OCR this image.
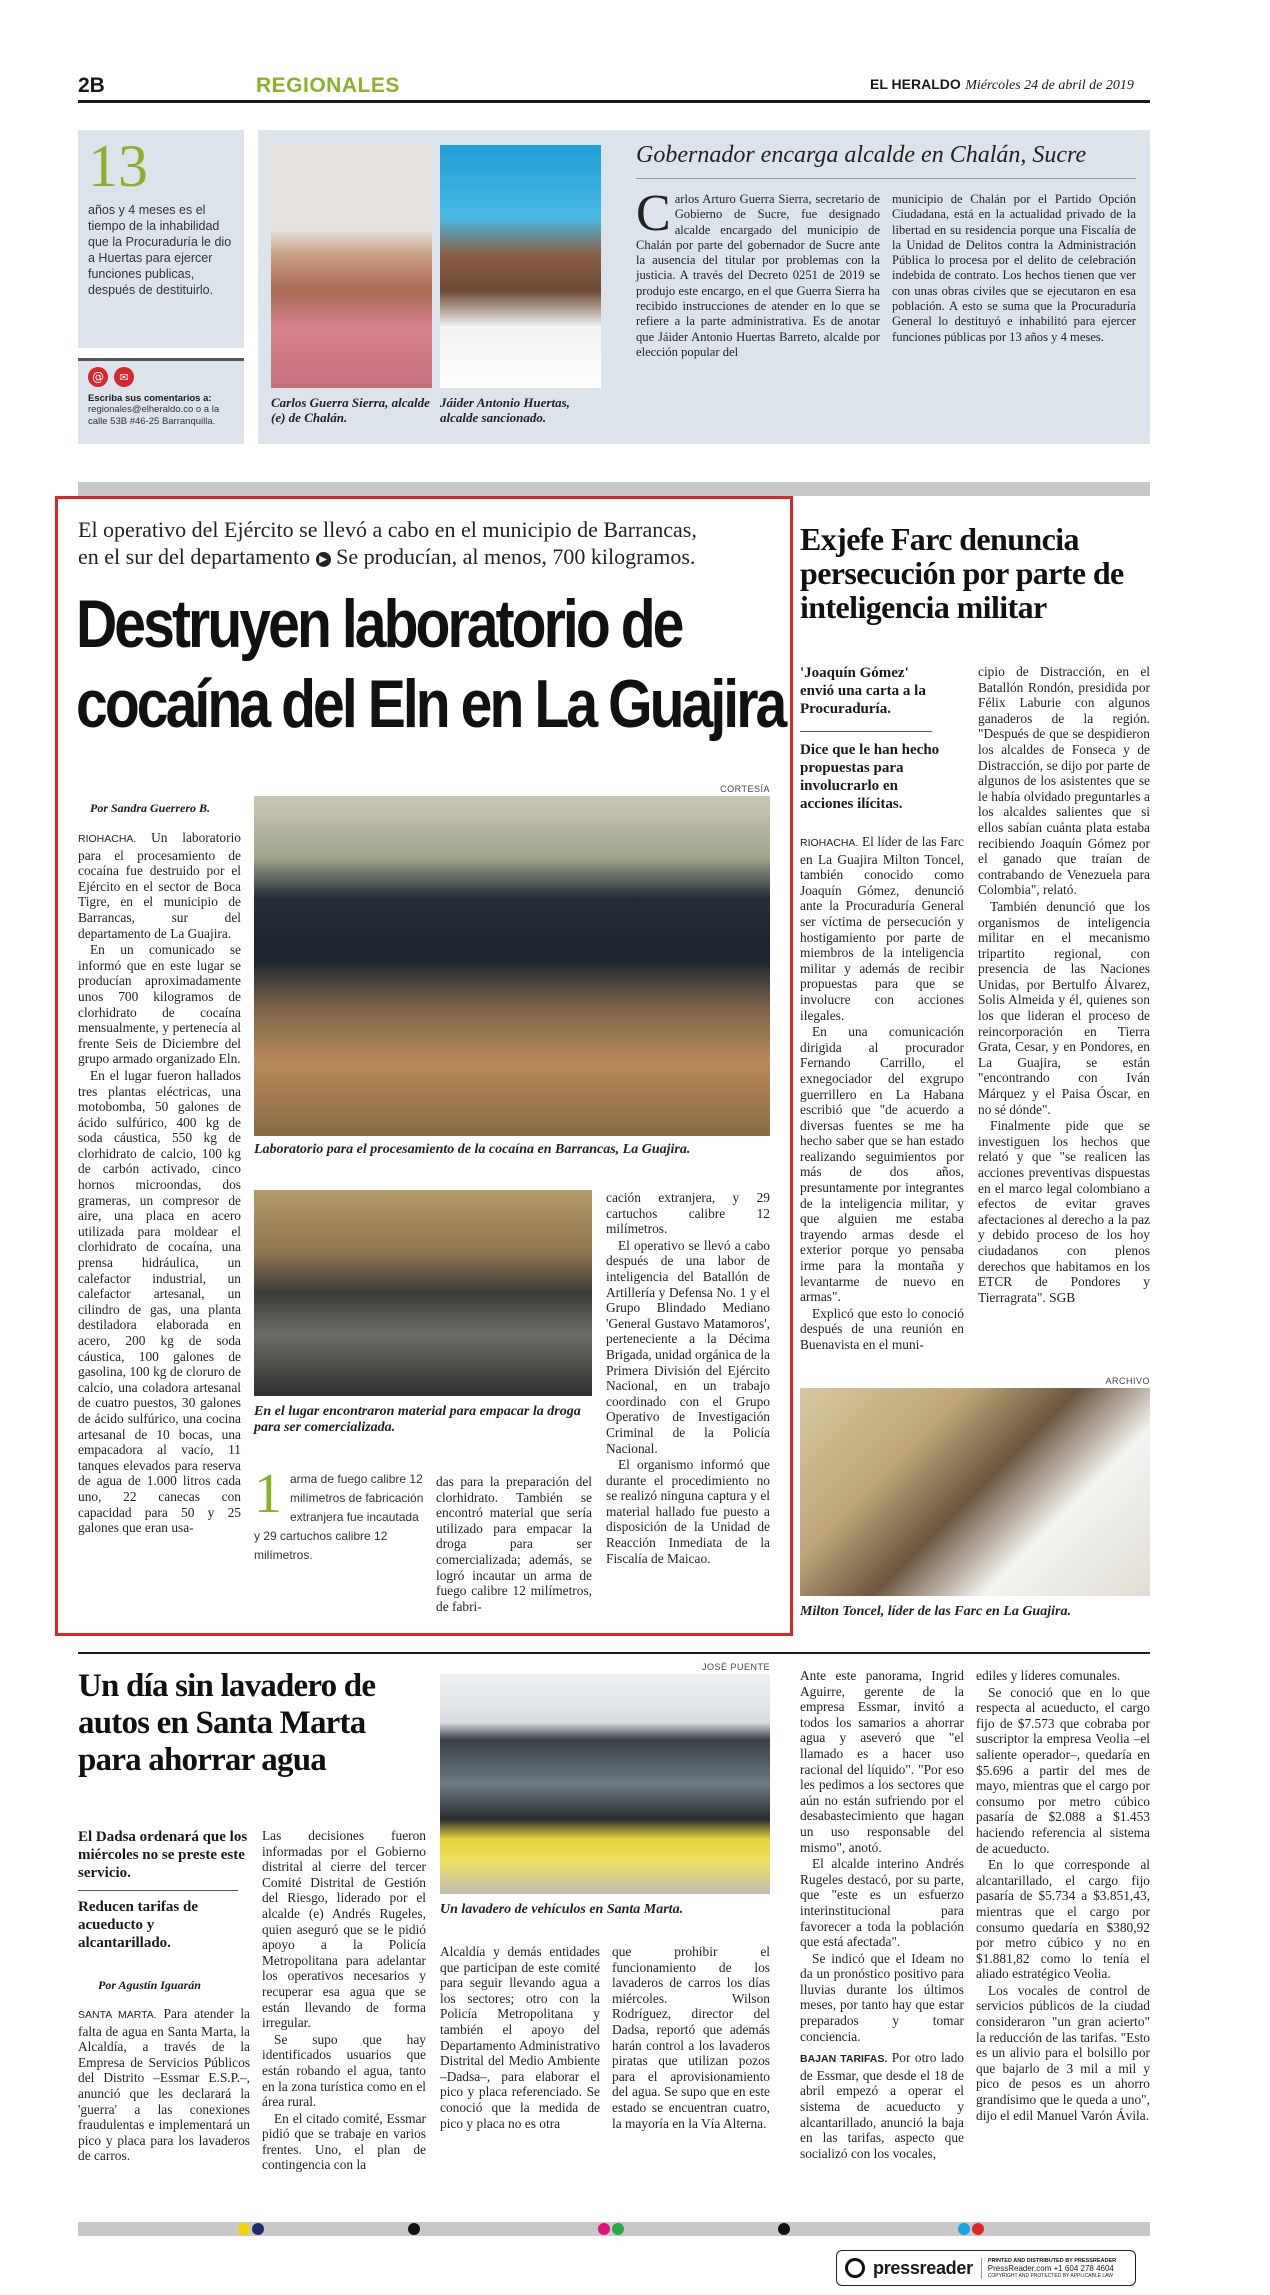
2B	REGIONALES	EL HERALDO Miércoles 24 de abril de 2019
13
años y 4 meses es el tiempo de la inhabilidad que la Procuraduría le dio a Huertas para ejercer funciones publicas, después de destituirlo.
@	✉
Escriba sus comentarios a:
regionales@elheraldo.co o a la calle 53B #46-25 Barranquilla.
Carlos Guerra Sierra, alcalde (e) de Chalán.
Jáider Antonio Huertas, alcalde sancionado.
Gobernador encarga alcalde en Chalán, Sucre
C arlos Arturo Guerra Sierra, secretario de Gobierno de Sucre, fue designado alcalde encargado del municipio de Chalán por parte del gobernador de Sucre ante la ausencia del titular por problemas con la justicia. A través del Decreto 0251 de 2019 se produjo este encargo, en el que Guerra Sierra ha recibido instrucciones de atender en lo que se refiere a la parte administrativa. Es de anotar que Jáider Antonio Huertas Barreto, alcalde por elección popular del
municipio de Chalán por el Partido Opción Ciudadana, está en la actualidad privado de la libertad en su residencia porque una Fiscalía de la Unidad de Delitos contra la Administración Pública lo procesa por el delito de celebración indebida de contrato. Los hechos tienen que ver con unas obras civiles que se ejecutaron en esa población. A esto se suma que la Procuraduría General lo destituyó e inhabilitó para ejercer funciones públicas por 13 años y 4 meses.
El operativo del Ejército se llevó a cabo en el municipio de Barrancas,
en el sur del departamento ▶ Se producían, al menos, 700 kilogramos.
Destruyen laboratorio de
cocaína del Eln en La Guajira
Por Sandra Guerrero B.

RIOHACHA. Un laboratorio para el procesamiento de cocaína fue destruido por el Ejército en el sector de Boca Tigre, en el municipio de Barrancas, sur del departamento de La Guajira.

En un comunicado se informó que en este lugar se producían aproximadamente unos 700 kilogramos de clorhidrato de cocaína mensualmente, y pertenecía al frente Seis de Diciembre del grupo armado organizado Eln.

En el lugar fueron hallados tres plantas eléctricas, una motobomba, 50 galones de ácido sulfúrico, 400 kg de soda cáustica, 550 kg de clorhidrato de calcio, 100 kg de carbón activado, cinco hornos microondas, dos grameras, un compresor de aire, una placa en acero utilizada para moldear el clorhidrato de cocaína, una prensa hidráulica, un calefactor industrial, un calefactor artesanal, un cilindro de gas, una planta destiladora elaborada en acero, 200 kg de soda cáustica, 100 galones de gasolina, 100 kg de cloruro de calcio, una coladora artesanal de cuatro puestos, 30 galones de ácido sulfúrico, una cocina artesanal de 10 bocas, una empacadora al vacío, 11 tanques elevados para reserva de agua de 1.000 litros cada uno, 22 canecas con capacidad para 50 y 25 galones que eran usa-

CORTESÍA
Laboratorio para el procesamiento de la cocaína en Barrancas, La Guajira.
En el lugar encontraron material para empacar la droga para ser comercializada.
1 arma de fuego calibre 12 milímetros de fabricación extranjera fue incautada y 29 cartuchos calibre 12 milímetros.
das para la preparación del clorhidrato. También se encontró material que sería utilizado para empacar la droga para ser comercializada; además, se logró incautar un arma de fuego calibre 12 milímetros, de fabri-

cación extranjera, y 29 cartuchos calibre 12 milímetros.

El operativo se llevó a cabo después de una labor de inteligencia del Batallón de Artillería y Defensa No. 1 y el Grupo Blindado Mediano 'General Gustavo Matamoros', perteneciente a la Décima Brigada, unidad orgánica de la Primera División del Ejército Nacional, en un trabajo coordinado con el Grupo Operativo de Investigación Criminal de la Policía Nacional.

El organismo informó que durante el procedimiento no se realizó ninguna captura y el material hallado fue puesto a disposición de la Unidad de Reacción Inmediata de la Fiscalía de Maicao.

Exjefe Farc denuncia persecución por parte de inteligencia militar
'Joaquín Gómez' envió una carta a la Procuraduría.
Dice que le han hecho propuestas para involucrarlo en acciones ilícitas.

RIOHACHA. El líder de las Farc en La Guajira Milton Toncel, también conocido como Joaquín Gómez, denunció ante la Procuraduría General ser víctima de persecución y hostigamiento por parte de miembros de la inteligencia militar y además de recibir propuestas para que se involucre con acciones ilegales.

En una comunicación dirigida al procurador Fernando Carrillo, el exnegociador del exgrupo guerrillero en La Habana escribió que "de acuerdo a diversas fuentes se me ha hecho saber que se han estado realizando seguimientos por más de dos años, presuntamente por integrantes de la inteligencia militar, y que alguien me estaba trayendo armas desde el exterior porque yo pensaba irme para la montaña y levantarme de nuevo en armas".

Explicó que esto lo conoció después de una reunión en Buenavista en el muni-

cipio de Distracción, en el Batallón Rondón, presidida por Félix Laburie con algunos ganaderos de la región. "Después de que se despidieron los alcaldes de Fonseca y de Distracción, se dijo por parte de algunos de los asistentes que se le había olvidado preguntarles a los alcaldes salientes que si ellos sabían cuánta plata estaba recibiendo Joaquín Gómez por el ganado que traían de contrabando de Venezuela para Colombia", relató.

También denunció que los organismos de inteligencia militar en el mecanismo tripartito regional, con presencia de las Naciones Unidas, por Bertulfo Álvarez, Solis Almeida y él, quienes son los que lideran el proceso de reincorporación en Tierra Grata, Cesar, y en Pondores, en La Guajira, se están "encontrando con Iván Márquez y el Paisa Óscar, en no sé dónde".

Finalmente pide que se investiguen los hechos que relató y que "se realicen las acciones preventivas dispuestas en el marco legal colombiano a efectos de evitar graves afectaciones al derecho a la paz y debido proceso de los hoy ciudadanos con plenos derechos que habitamos en los ETCR de Pondores y Tierragrata". SGB

ARCHIVO
Milton Toncel, líder de las Farc en La Guajira.
Un día sin lavadero de autos en Santa Marta para ahorrar agua
El Dadsa ordenará que los miércoles no se preste este servicio.
Reducen tarifas de acueducto y alcantarillado.
Por Agustín Iguarán

SANTA MARTA. Para atender la falta de agua en Santa Marta, la Alcaldía, a través de la Empresa de Servicios Públicos del Distrito –Essmar E.S.P.–, anunció que les declarará la 'guerra' a las conexiones fraudulentas e implementará un pico y placa para los lavaderos de carros.

Las decisiones fueron informadas por el Gobierno distrital al cierre del tercer Comité Distrital de Gestión del Riesgo, liderado por el alcalde (e) Andrés Rugeles, quien aseguró que se le pidió apoyo a la Policía Metropolitana para adelantar los operativos necesarios y recuperar esa agua que se están llevando de forma irregular.

Se supo que hay identificados usuarios que están robando el agua, tanto en la zona turística como en el área rural.

En el citado comité, Essmar pidió que se trabaje en varios frentes. Uno, el plan de contingencia con la

JOSÉ PUENTE
Un lavadero de vehículos en Santa Marta.
Alcaldía y demás entidades que participan de este comité para seguir llevando agua a los sectores; otro con la Policía Metropolitana y también el apoyo del Departamento Administrativo Distrital del Medio Ambiente –Dadsa–, para elaborar el pico y placa referenciado. Se conoció que la medida de pico y placa no es otra
que prohibir el funcionamiento de los lavaderos de carros los días miércoles. Wilson Rodríguez, director del Dadsa, reportó que además harán control a los lavaderos piratas que utilizan pozos para el aprovisionamiento del agua. Se supo que en este estado se encuentran cuatro, la mayoría en la Vía Alterna.

Ante este panorama, Ingrid Aguirre, gerente de la empresa Essmar, invitó a todos los samarios a ahorrar agua y aseveró que "el llamado es a hacer uso racional del líquido". "Por eso les pedimos a los sectores que aún no están sufriendo por el desabastecimiento que hagan un uso responsable del mismo", anotó.

El alcalde interino Andrés Rugeles destacó, por su parte, que "este es un esfuerzo interinstitucional para favorecer a toda la población que está afectada".

Se indicó que el Ideam no da un pronóstico positivo para lluvias durante los últimos meses, por tanto hay que estar preparados y tomar conciencia.

BAJAN TARIFAS. Por otro lado de Essmar, que desde el 18 de abril empezó a operar el sistema de acueducto y alcantarillado, anunció la baja en las tarifas, aspecto que socializó con los vocales,

ediles y líderes comunales.

Se conoció que en lo que respecta al acueducto, el cargo fijo de $7.573 que cobraba por suscriptor la empresa Veolia –el saliente operador–, quedaría en $5.696 a partir del mes de mayo, mientras que el cargo por consumo por metro cúbico pasaría de $2.088 a $1.453 haciendo referencia al sistema de acueducto.

En lo que corresponde al alcantarillado, el cargo fijo pasaría de $5.734 a $3.851,43, mientras que el cargo por consumo quedaría en $380,92 por metro cúbico y no en $1.881,82 como lo tenía el aliado estratégico Veolia.

Los vocales de control de servicios públicos de la ciudad consideraron "un gran acierto" la reducción de las tarifas. "Esto es un alivio para el bolsillo por que bajarlo de 3 mil a mil y pico de pesos es un ahorro grandísimo que le queda a uno", dijo el edil Manuel Varón Ávila.

pressreader	PRINTED AND DISTRIBUTED BY PRESSREADER
PressReader.com +1 604 278 4604
COPYRIGHT AND PROTECTED BY APPLICABLE LAW
